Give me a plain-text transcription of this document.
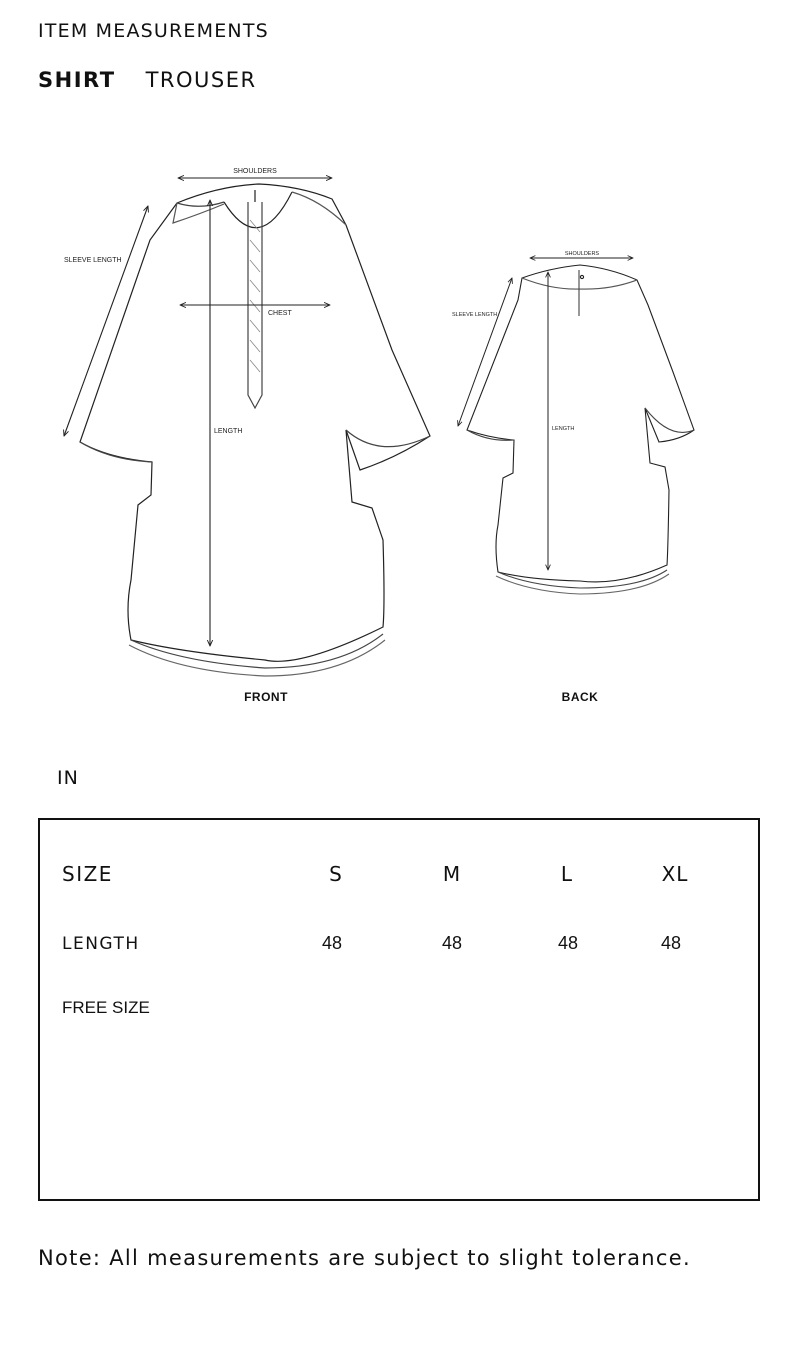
ITEM MEASUREMENTS
SHIRT TROUSER
SHOULDERS
SLEEVE LENGTH
CHEST
LENGTH
SHOULDERS
SLEEVE LENGTH
LENGTH
FRONT	BACK
IN
SIZE	S	M	L	XL
LENGTH	48	48	48	48
FREE SIZE
Note: All measurements are subject to slight tolerance.
